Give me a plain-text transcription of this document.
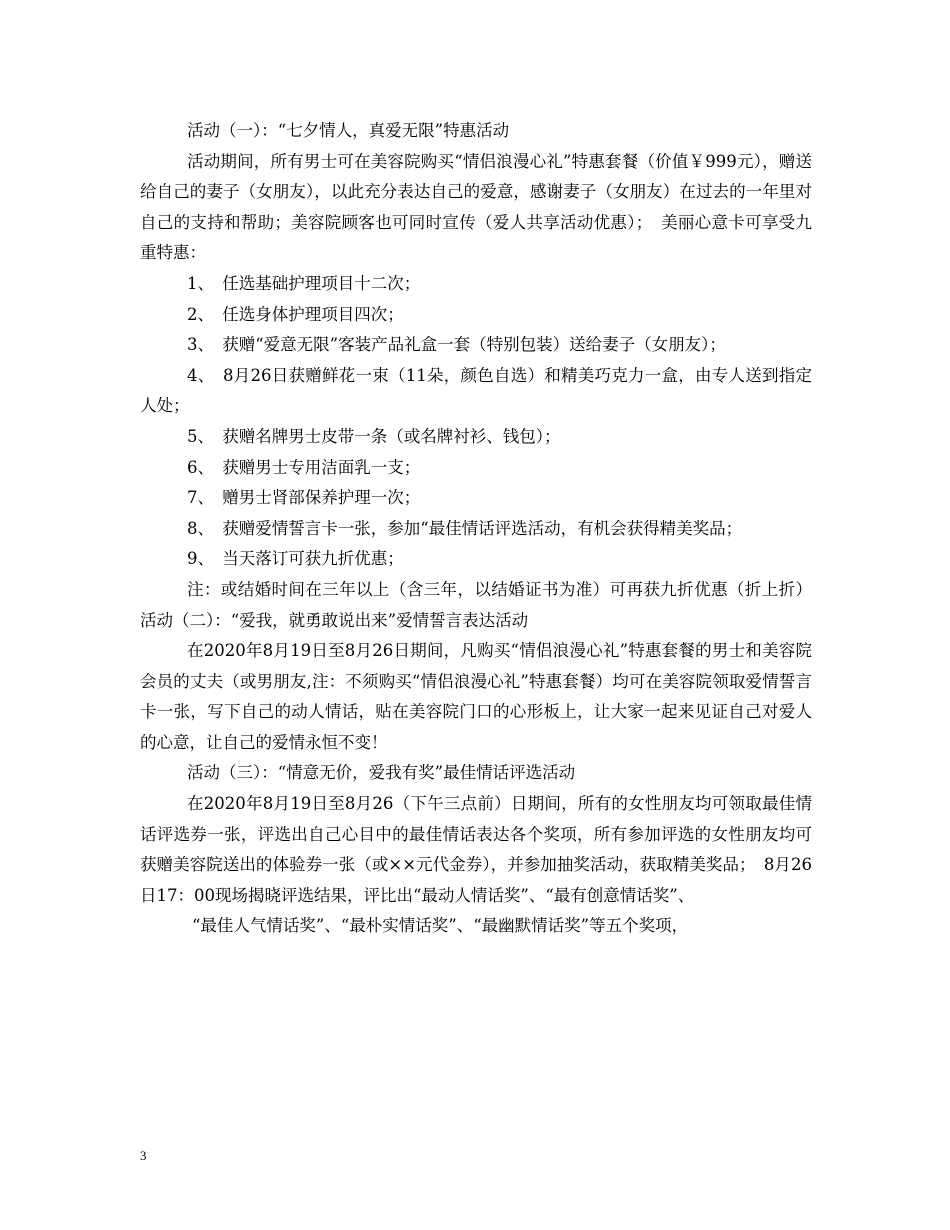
活动（一）：“七夕情人，真爱无限”特惠活动

活动期间，所有男士可在美容院购买“情侣浪漫心礼”特惠套餐（价值￥999元），赠送给自己的妻子（女朋友），以此充分表达自己的爱意，感谢妻子（女朋友）在过去的一年里对自己的支持和帮助；美容院顾客也可同时宣传（爱人共享活动优惠）；　美丽心意卡可享受九重特惠：

1、　任选基础护理项目十二次；

2、　任选身体护理项目四次；

3、　获赠“爱意无限”客装产品礼盒一套（特别包装）送给妻子（女朋友）；

4、　8月26日获赠鲜花一束（11朵，颜色自选）和精美巧克力一盒，由专人送到指定人处；

5、　获赠名牌男士皮带一条（或名牌衬衫、钱包）；

6、　获赠男士专用洁面乳一支；

7、　赠男士肾部保养护理一次；

8、　获赠爱情誓言卡一张，参加“最佳情话评选活动，有机会获得精美奖品；

9、　当天落订可获九折优惠；

注：或结婚时间在三年以上（含三年，以结婚证书为准）可再获九折优惠（折上折）活动（二）：“爱我，就勇敢说出来”爱情誓言表达活动

在2020年8月19日至8月26日期间，凡购买“情侣浪漫心礼”特惠套餐的男士和美容院会员的丈夫（或男朋友,注：不须购买“情侣浪漫心礼”特惠套餐）均可在美容院领取爱情誓言卡一张，写下自己的动人情话，贴在美容院门口的心形板上，让大家一起来见证自己对爱人的心意，让自己的爱情永恒不变！

活动（三）：“情意无价，爱我有奖”最佳情话评选活动

在2020年8月19日至8月26（下午三点前）日期间，所有的女性朋友均可领取最佳情话评选券一张，评选出自己心目中的最佳情话表达各个奖项，所有参加评选的女性朋友均可获赠美容院送出的体验券一张（或××元代金券），并参加抽奖活动，获取精美奖品；　8月26日17：00现场揭晓评选结果，评比出“最动人情话奖”、“最有创意情话奖”、

“最佳人气情话奖”、“最朴实情话奖”、“最幽默情话奖”等五个奖项，

3
